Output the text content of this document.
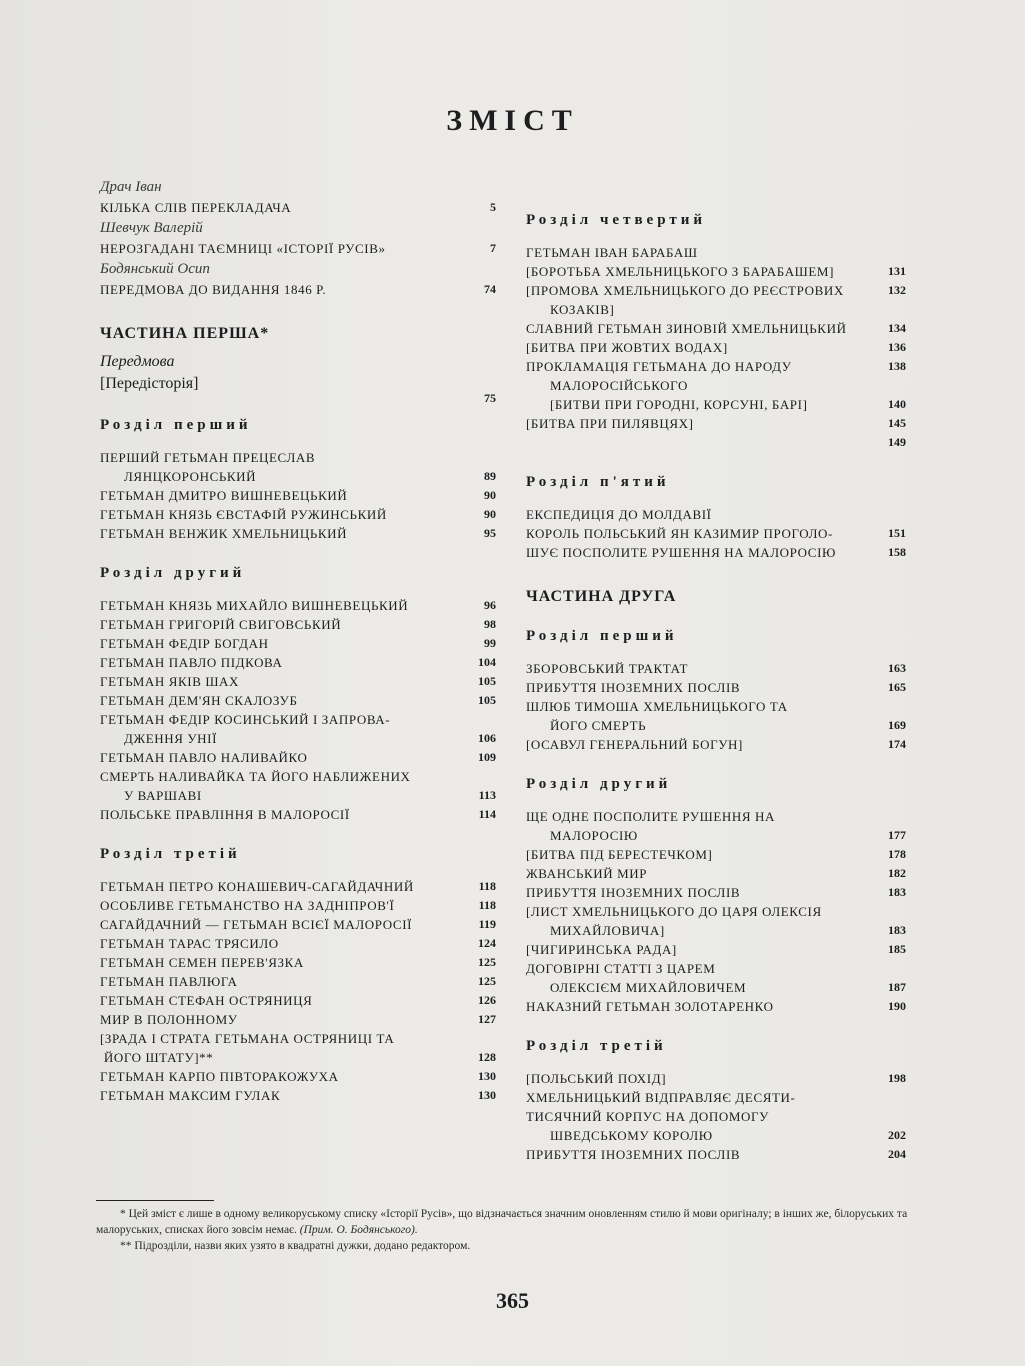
ЗМІСТ
Драч Іван
КІЛЬКА СЛІВ ПЕРЕКЛАДАЧА	5
Шевчук Валерій
НЕРОЗГАДАНІ ТАЄМНИЦІ «ІСТОРІЇ РУСІВ»	7
Бодянський Осип
ПЕРЕДМОВА ДО ВИДАННЯ 1846 Р.	74
ЧАСТИНА ПЕРША*
Передмова
[Передісторія]
75
Розділ перший
ПЕРШИЙ ГЕТЬМАН ПРЕЦЕСЛАВ
ЛЯНЦКОРОНСЬКИЙ	89
ГЕТЬМАН ДМИТРО ВИШНЕВЕЦЬКИЙ	90
ГЕТЬМАН КНЯЗЬ ЄВСТАФІЙ РУЖИНСЬКИЙ	90
ГЕТЬМАН ВЕНЖИК ХМЕЛЬНИЦЬКИЙ	95
Розділ другий
ГЕТЬМАН КНЯЗЬ МИХАЙЛО ВИШНЕВЕЦЬКИЙ	96
ГЕТЬМАН ГРИГОРІЙ СВИГОВСЬКИЙ	98
ГЕТЬМАН ФЕДІР БОГДАН	99
ГЕТЬМАН ПАВЛО ПІДКОВА	104
ГЕТЬМАН ЯКІВ ШАХ	105
ГЕТЬМАН ДЕМ'ЯН СКАЛОЗУБ	105
ГЕТЬМАН ФЕДІР КОСИНСЬКИЙ І ЗАПРОВА-
ДЖЕННЯ УНІЇ	106
ГЕТЬМАН ПАВЛО НАЛИВАЙКО	109
СМЕРТЬ НАЛИВАЙКА ТА ЙОГО НАБЛИЖЕНИХ
У ВАРШАВІ	113
ПОЛЬСЬКЕ ПРАВЛІННЯ В МАЛОРОСІЇ	114
Розділ третій
ГЕТЬМАН ПЕТРО КОНАШЕВИЧ-САГАЙДАЧНИЙ	118
ОСОБЛИВЕ ГЕТЬМАНСТВО НА ЗАДНІПРОВ'Ї	118
САГАЙДАЧНИЙ — ГЕТЬМАН ВСІЄЇ МАЛОРОСІЇ	119
ГЕТЬМАН ТАРАС ТРЯСИЛО	124
ГЕТЬМАН СЕМЕН ПЕРЕВ'ЯЗКА	125
ГЕТЬМАН ПАВЛЮГА	125
ГЕТЬМАН СТЕФАН ОСТРЯНИЦЯ	126
МИР В ПОЛОННОМУ	127
[ЗРАДА І СТРАТА ГЕТЬМАНА ОСТРЯНИЦІ ТА
ЙОГО ШТАТУ]**	128
ГЕТЬМАН КАРПО ПІВТОРАКОЖУХА	130
ГЕТЬМАН МАКСИМ ГУЛАК	130
Розділ четвертий
ГЕТЬМАН ІВАН БАРАБАШ
[БОРОТЬБА ХМЕЛЬНИЦЬКОГО З БАРАБАШЕМ]	131
[ПРОМОВА ХМЕЛЬНИЦЬКОГО ДО РЕЄСТРОВИХ	132
КОЗАКІВ]
СЛАВНИЙ ГЕТЬМАН ЗИНОВІЙ ХМЕЛЬНИЦЬКИЙ	134
[БИТВА ПРИ ЖОВТИХ ВОДАХ]	136
ПРОКЛАМАЦІЯ ГЕТЬМАНА ДО НАРОДУ	138
МАЛОРОСІЙСЬКОГО
[БИТВИ ПРИ ГОРОДНІ, КОРСУНІ, БАРІ]	140
[БИТВА ПРИ ПИЛЯВЦЯХ]	145
149
Розділ п'ятий
ЕКСПЕДИЦІЯ ДО МОЛДАВІЇ
КОРОЛЬ ПОЛЬСЬКИЙ ЯН КАЗИМИР ПРОГОЛО-	151
ШУЄ ПОСПОЛИТЕ РУШЕННЯ НА МАЛОРОСІЮ	158
ЧАСТИНА ДРУГА
Розділ перший
ЗБОРОВСЬКИЙ ТРАКТАТ	163
ПРИБУТТЯ ІНОЗЕМНИХ ПОСЛІВ	165
ШЛЮБ ТИМОША ХМЕЛЬНИЦЬКОГО ТА
ЙОГО СМЕРТЬ	169
[ОСАВУЛ ГЕНЕРАЛЬНИЙ БОГУН]	174
Розділ другий
ЩЕ ОДНЕ ПОСПОЛИТЕ РУШЕННЯ НА
МАЛОРОСІЮ	177
[БИТВА ПІД БЕРЕСТЕЧКОМ]	178
ЖВАНСЬКИЙ МИР	182
ПРИБУТТЯ ІНОЗЕМНИХ ПОСЛІВ	183
[ЛИСТ ХМЕЛЬНИЦЬКОГО ДО ЦАРЯ ОЛЕКСІЯ
МИХАЙЛОВИЧА]	183
[ЧИГИРИНСЬКА РАДА]	185
ДОГОВІРНІ СТАТТІ З ЦАРЕМ
ОЛЕКСІЄМ МИХАЙЛОВИЧЕМ	187
НАКАЗНИЙ ГЕТЬМАН ЗОЛОТАРЕНКО	190
Розділ третій
[ПОЛЬСЬКИЙ ПОХІД]	198
ХМЕЛЬНИЦЬКИЙ ВІДПРАВЛЯЄ ДЕСЯТИ-
ТИСЯЧНИЙ КОРПУС НА ДОПОМОГУ
ШВЕДСЬКОМУ КОРОЛЮ	202
ПРИБУТТЯ ІНОЗЕМНИХ ПОСЛІВ	204

* Цей зміст є лише в одному великоруському списку «Історії Русів», що відзначається значним оновленням стилю й мови оригіналу; в інших же, білоруських та малоруських, списках його зовсім немає. (Прим. О. Бодянського).

** Підрозділи, назви яких узято в квадратні дужки, додано редактором.

365
